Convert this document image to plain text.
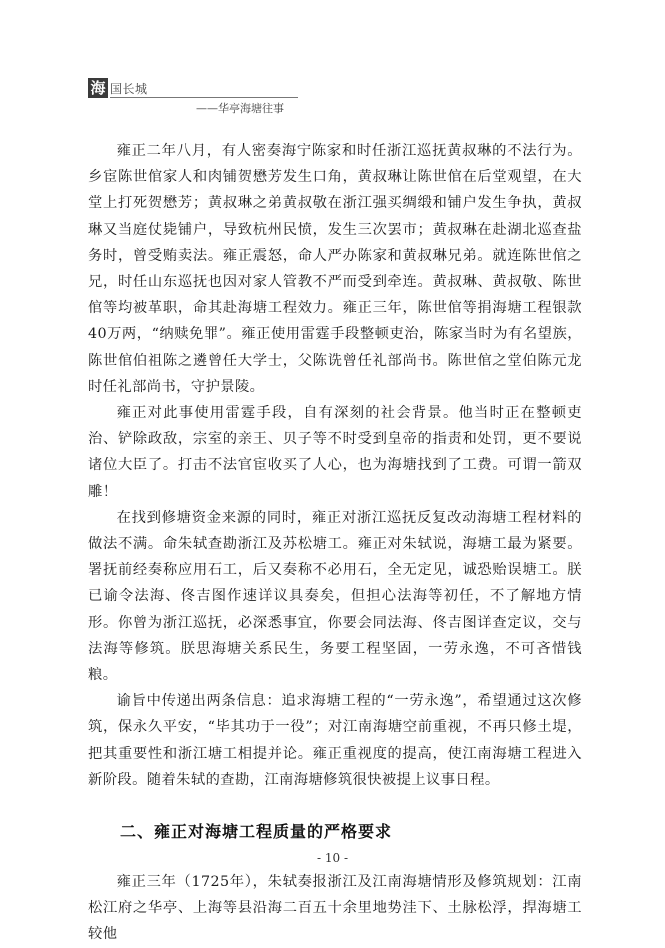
海 国长城
——华亭海塘往事

雍正二年八月，有人密奏海宁陈家和时任浙江巡抚黄叔琳的不法行为。乡宦陈世倌家人和肉铺贺懋芳发生口角，黄叔琳让陈世倌在后堂观望，在大堂上打死贺懋芳；黄叔琳之弟黄叔敬在浙江强买绸缎和铺户发生争执，黄叔琳又当庭仗毙铺户，导致杭州民愤，发生三次罢市；黄叔琳在赴湖北巡查盐务时，曾受贿卖法。雍正震怒，命人严办陈家和黄叔琳兄弟。就连陈世倌之兄，时任山东巡抚也因对家人管教不严而受到牵连。黄叔琳、黄叔敬、陈世倌等均被革职，命其赴海塘工程效力。雍正三年，陈世倌等捐海塘工程银款40万两，“纳赎免罪”。雍正使用雷霆手段整顿吏治，陈家当时为有名望族，陈世倌伯祖陈之遴曾任大学士，父陈诜曾任礼部尚书。陈世倌之堂伯陈元龙时任礼部尚书，守护景陵。

雍正对此事使用雷霆手段，自有深刻的社会背景。他当时正在整顿吏治、铲除政敌，宗室的亲王、贝子等不时受到皇帝的指责和处罚，更不要说诸位大臣了。打击不法官宦收买了人心，也为海塘找到了工费。可谓一箭双雕！

在找到修塘资金来源的同时，雍正对浙江巡抚反复改动海塘工程材料的做法不满。命朱轼查勘浙江及苏松塘工。雍正对朱轼说，海塘工最为紧要。署抚前经奏称应用石工，后又奏称不必用石，全无定见，诚恐贻误塘工。朕已谕令法海、佟吉图作速详议具奏矣，但担心法海等初任，不了解地方情形。你曾为浙江巡抚，必深悉事宜，你要会同法海、佟吉图详查定议，交与法海等修筑。朕思海塘关系民生，务要工程坚固，一劳永逸，不可吝惜钱粮。

谕旨中传递出两条信息：追求海塘工程的“一劳永逸”，希望通过这次修筑，保永久平安，“毕其功于一役”；对江南海塘空前重视，不再只修土堤，把其重要性和浙江塘工相提并论。雍正重视度的提高，使江南海塘工程进入新阶段。随着朱轼的查勘，江南海塘修筑很快被提上议事日程。

二、雍正对海塘工程质量的严格要求

雍正三年（1725年），朱轼奏报浙江及江南海塘情形及修筑规划：江南松江府之华亭、上海等县沿海二百五十余里地势洼下、土脉松浮，捍海塘工较他

- 10 -
